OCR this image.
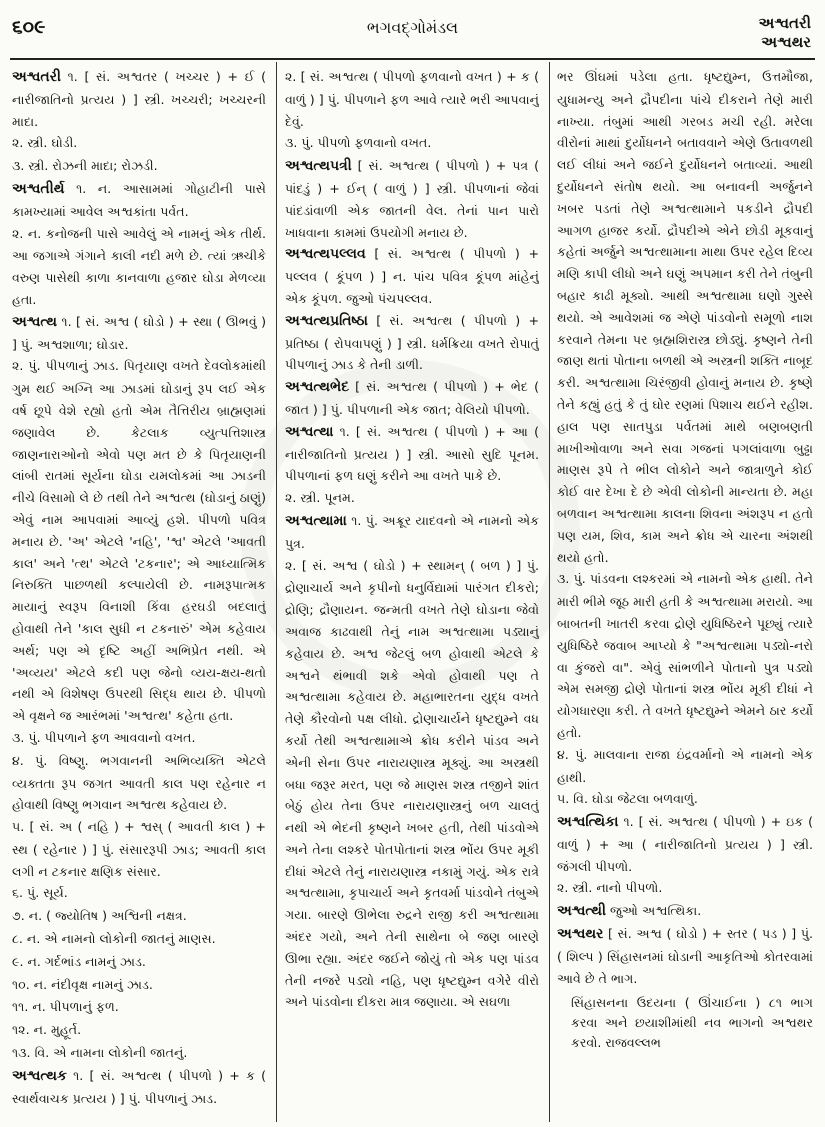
૬૦૯	ભગવદ્ગોમંડલ	અશ્વતરી
અશ્વથર

અશ્વતરી ૧. [ સં. અશ્વતર ( ખચ્ચર ) + ઈ ( નારીજાતિનો પ્રત્યય ) ] સ્ત્રી. ખચ્ચરી; ખચ્ચરની માદા.

૨. સ્ત્રી. ઘોડી.

૩. સ્ત્રી. રોઝની માદા; રોઝડી.

અશ્વતીર્થ ૧. ન. આસામમાં ગોહાટીની પાસે કામખ્યામાં આવેલ અશ્વકાંતા પર્વત.

૨. ન. કનોજની પાસે આવેલું એ નામનું એક તીર્થ. આ જગાએ ગંગાને કાલી નદી મળે છે. ત્યાં ઋચીકે વરુણ પાસેથી કાળા કાનવાળા હજાર ઘોડા મેળવ્યા હતા.

અશ્વત્થ ૧. [ સં. અશ્વ ( ઘોડો ) + સ્થા ( ઊભવું ) ] પું. અશ્વશાળા; ઘોડાર.

૨. પું. પીપળાનું ઝાડ. પિતૃયાણ વખતે દેવલોકમાંથી ગુમ થઈ અગ્નિ આ ઝાડમાં ઘોડાનું રૂપ લઈ એક વર્ષ છૂપે વેશે રહ્યો હતો એમ તૈત્તિરીય બ્રાહ્મણમાં જણાવેલ છે. કેટલાક વ્યુત્પત્તિશાસ્ત્ર જાણનારાઓનો એવો પણ મત છે કે પિતૃયાણની લાંબી રાતમાં સૂર્યના ઘોડા યમલોકમાં આ ઝાડની નીચે વિસામો લે છે તથી તેને અશ્વત્થ (ઘોડાનું ઠાણું) એવું નામ આપવામાં આવ્યું હશે. પીપળો પવિત્ર મનાય છે. 'અ' એટલે 'નહિ', 'શ્વ' એટલે 'આવતી કાલ' અને 'ત્થ' એટલે 'ટકનાર'; એ આધ્યાત્મિક નિરુક્તિ પાછળથી કલ્પાયેલી છે. નામરૂપાત્મક માયાનું સ્વરૂપ વિનાશી કિંવા હરઘડી બદલાતું હોવાથી તેને 'કાલ સુધી ન ટકનારું' એમ કહેવાય અર્થ; પણ એ દૃષ્ટિ અહીં અભિપ્રેત નથી. એ 'અવ્યય' એટલે કદી પણ જેનો વ્યય-ક્ષય-થતો નથી એ વિશેષણ ઉપરથી સિદ્ધ થાય છે. પીપળો એ વૃક્ષને જ આરંભમાં 'અશ્વત્થ' કહેતા હતા.

૩. પું. પીપળાને ફળ આવવાનો વખત.

૪. પું. વિષ્ણુ. ભગવાનની અભિવ્યક્તિ એટલે વ્યક્તતા રૂપ જગત આવતી કાલ પણ રહેનાર ન હોવાથી વિષ્ણુ ભગવાન અશ્વત્થ કહેવાય છે.

૫. [ સં. અ ( નહિ ) + શ્વસ્ ( આવતી કાલ ) + સ્થ ( રહેનાર ) ] પું. સંસારરૂપી ઝાડ; આવતી કાલ લગી ન ટકનાર ક્ષણિક સંસાર.

૬. પું. સૂર્ય.

૭. ન. ( જ્યોતિષ ) અશ્વિની નક્ષત્ર.

૮. ન. એ નામનો લોકોની જાતનું માણસ.

૯. ન. ગર્દભાંડ નામનું ઝાડ.

૧૦. ન. નંદીવૃક્ષ નામનું ઝાડ.

૧૧. ન. પીપળાનું ફળ.

૧૨. ન. મુહૂર્ત.

૧૩. વિ. એ નામના લોકોની જાતનું.

અશ્વત્થક ૧. [ સં. અશ્વત્થ ( પીપળો ) + ક ( સ્વાર્થવાચક પ્રત્યય ) ] પું. પીપળાનું ઝાડ.

૨. [ સં. અશ્વત્થ ( પીપળો ફળવાનો વખત ) + ક ( વાળું ) ] પું. પીપળાને ફળ આવે ત્યારે ભરી આપવાનું દેવું.

૩. પું. પીપળો ફળવાનો વખત.

અશ્વત્થપત્રી [ સં. અશ્વત્થ ( પીપળો ) + પત્ર ( પાંદડું ) + ઈન્ ( વાળું ) ] સ્ત્રી. પીપળાનાં જેવાં પાંદડાંવાળી એક જાતની વેલ. તેનાં પાન પારો ખાધવાના કામમાં ઉપયોગી મનાય છે.

અશ્વત્થપલ્લવ [ સં. અશ્વત્થ ( પીપળો ) + પલ્લવ ( કૂંપળ ) ] ન. પાંચ પવિત્ર કૂંપળ માંહેનું એક કૂંપળ. જુઓ પંચપલ્લવ.

અશ્વત્થપ્રતિષ્ઠા [ સં. અશ્વત્થ ( પીપળો ) + પ્રતિષ્ઠા ( રોપવાપણું ) ] સ્ત્રી. ધર્મક્રિયા વખતે રોપાતું પીપળાનું ઝાડ કે તેની ડાળી.

અશ્વત્થભેદ [ સં. અશ્વત્થ ( પીપળો ) + ભેદ ( જાત ) ] પું. પીપળાની એક જાત; વેલિયો પીપળો.

અશ્વત્થા ૧. [ સં. અશ્વત્થ ( પીપળો ) + આ ( નારીજાતિનો પ્રત્યય ) ] સ્ત્રી. આસો સુદિ પૂનમ. પીપળાનાં ફળ ઘણું કરીને આ વખતે પાકે છે.

૨. સ્ત્રી. પૂનમ.

અશ્વત્થામા ૧. પું. અક્રૂર યાદવનો એ નામનો એક પુત્ર.

૨. [ સં. અશ્વ ( ઘોડો ) + સ્થામન્ ( બળ ) ] પું. દ્રોણાચાર્ય અને કૃપીનો ધનુર્વિદ્યામાં પારંગત દીકરો; દ્રોણિ; દ્રૌણાયન. જન્મતી વખતે તેણે ઘોડાના જેવો અવાજ કાઢવાથી તેનું નામ અશ્વત્થામા પડ્યાનું કહેવાય છે. અશ્વ જેટલું બળ હોવાથી એટલે કે અશ્વને થંભાવી શકે એવો હોવાથી પણ તે અશ્વત્થામા કહેવાય છે. મહાભારતના યુદ્ધ વખતે તેણે કૌરવોનો પક્ષ લીધો. દ્રોણાચાર્યને ધૃષ્ટદ્યુમ્ને વધ કર્યો તેથી અશ્વત્થામાએ ક્રોધ કરીને પાંડવ અને એની સેના ઉપર નારાયણાસ્ત્ર મૂક્યું. આ અસ્ત્રથી બધા જરૂર મરત, પણ જે માણસ શસ્ત્ર તજીને શાંત બેઠું હોય તેના ઉપર નારાયણાસ્ત્રનું બળ ચાલતું નથી એ ભેદની કૃષ્ણને ખબર હતી, તેથી પાંડવોએ અને તેના લશ્કરે પોતપોતાનાં શસ્ત્ર ભોંય ઉપર મૂકી દીધાં એટલે તેનું નારાયણાસ્ત્ર નકામું ગયું. એક રાત્રે અશ્વત્થામા, કૃપાચાર્ય અને કૃતવર્મા પાંડવોને તંબુએ ગયા. બારણે ઊભેલા રુદ્રને રાજી કરી અશ્વત્થામા અંદર ગયો, અને તેની સાથેના બે જણ બારણે ઊભા રહ્યા. અંદર જઈને જોયું તો એક પણ પાંડવ તેની નજરે પડ્યો નહિ, પણ ધૃષ્ટદ્યુમ્ન વગેરે વીરો અને પાંડવોના દીકરા માત્ર જણાયા. એ સઘળા

ભર ઊંઘમાં પડેલા હતા. ધૃષ્ટદ્યુમ્ન, ઉત્તમૌજા, યુધામન્યુ અને દ્રૌપદીના પાંચે દીકરાને તેણે મારી નાખ્યા. તંબુમાં આથી ગરબડ મચી રહી. મરેલા વીરોનાં માથાં દુર્યોધનને બતાવવાને એણે ઉતાવળથી લઈ લીધાં અને જઈને દુર્યોધનને બતાવ્યાં. આથી દુર્યોધનને સંતોષ થયો. આ બનાવની અર્જુનને ખબર પડતાં તેણે અશ્વત્થામાને પકડીને દ્રૌપદી આગળ હાજર કર્યો. દ્રૌપદીએ એને છોડી મૂકવાનું કહેતાં અર્જુને અશ્વત્થામાના માથા ઉપર રહેલ દિવ્ય મણિ કાપી લીધો અને ઘણું અપમાન કરી તેને તંબુની બહાર કાઢી મૂક્યો. આથી અશ્વત્થામા ઘણો ગુસ્સે થયો. એ આવેશમાં જ એણે પાંડવોનો સમૂળો નાશ કરવાને તેમના પર બ્રહ્મશિરાસ્ત્ર છોડ્યું. કૃષ્ણને તેની જાણ થતાં પોતાના બળથી એ અસ્ત્રની શક્તિ નાબૂદ કરી. અશ્વત્થામા ચિરંજીવી હોવાનું મનાય છે. કૃષ્ણે તેને કહ્યું હતું કે તું ઘોર રણમાં પિશાચ થઈને રહીશ. હાલ પણ સાતપુડા પર્વતમાં માથે બણબણતી માખીઓવાળા અને સવા ગજનાં પગલાંવાળા બુઢ્ઢા માણસ રૂપે તે ભીલ લોકોને અને જાત્રાળુને કોઈ કોઈ વાર દેખા દે છે એવી લોકોની માન્યતા છે. મહા બળવાન અશ્વત્થામા કાલના શિવના અંશરૂપ ન હતો પણ યમ, શિવ, કામ અને ક્રોધ એ ચારના અંશથી થયો હતો.

૩. પું. પાંડવના લશ્કરમાં એ નામનો એક હાથી. તેને મારી ભીમે જૂઠ મારી હતી કે અશ્વત્થામા મરાયો. આ બાબતની ખાતરી કરવા દ્રોણે યુધિષ્ઠિરને પૂછ્યું ત્યારે યુધિષ્ઠિરે જવાબ આપ્યો કે "અશ્વત્થામા પડ્યો-નરો વા કુંજરો વા". એવું સાંભળીને પોતાનો પુત્ર પડ્યો એમ સમજી દ્રોણે પોતાનાં શસ્ત્ર ભોંય મૂકી દીધાં ને યોગધારણા કરી. તે વખતે ધૃષ્ટદ્યુમ્ને એમને ઠાર કર્યો હતો.

૪. પું. માલવાના રાજા ઇંદ્રવર્માનો એ નામનો એક હાથી.

૫. વિ. ઘોડા જેટલા બળવાળું.

અશ્વત્થિકા ૧. [ સં. અશ્વત્થ ( પીપળો ) + ઇક ( વાળું ) + આ ( નારીજાતિનો પ્રત્યય ) ] સ્ત્રી. જંગલી પીપળો.

૨. સ્ત્રી. નાનો પીપળો.

અશ્વત્થી જુઓ અશ્વત્થિકા.

અશ્વથર [ સં. અશ્વ ( ઘોડો ) + સ્તર ( પડ ) ] પું. ( શિલ્પ ) સિંહાસનમાં ઘોડાની આકૃતિઓ કોતરવામાં આવે છે તે ભાગ.

સિંહાસનના ઉદયના ( ઊંચાઈના ) ૮૧ ભાગ કરવા અને છયાશીમાંથી નવ ભાગનો અશ્વથર કરવો. રાજવલ્લભ
